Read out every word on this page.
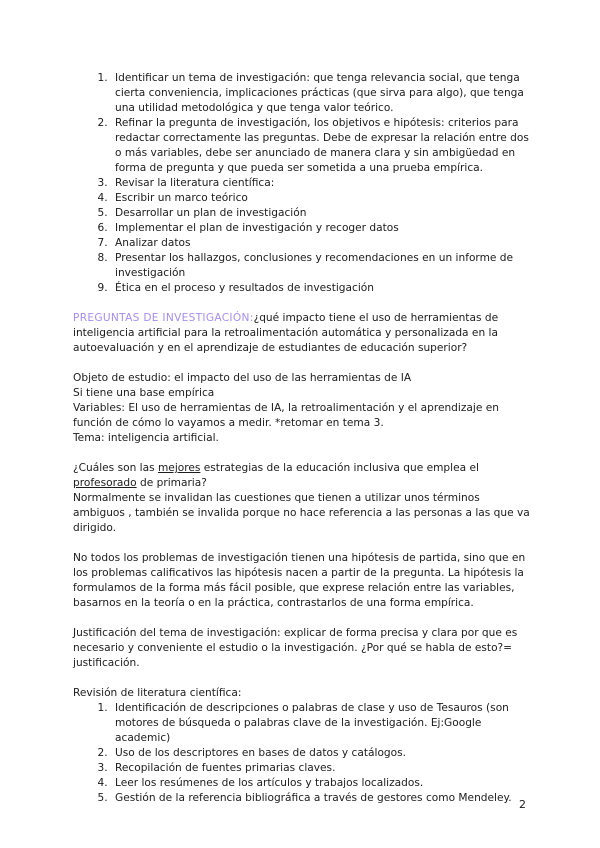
1. Identificar un tema de investigación: que tenga relevancia social, que tenga cierta conveniencia, implicaciones prácticas (que sirva para algo), que tenga una utilidad metodológica y que tenga valor teórico.
2. Refinar la pregunta de investigación, los objetivos e hipótesis: criterios para redactar correctamente las preguntas. Debe de expresar la relación entre dos o más variables, debe ser anunciado de manera clara y sin ambigüedad en forma de pregunta y que pueda ser sometida a una prueba empírica.
3. Revisar la literatura científica:
4. Escribir un marco teórico
5. Desarrollar un plan de investigación
6. Implementar el plan de investigación y recoger datos
7. Analizar datos
8. Presentar los hallazgos, conclusiones y recomendaciones en un informe de investigación
9. Ética en el proceso y resultados de investigación

PREGUNTAS DE INVESTIGACIÓN:¿qué impacto tiene el uso de herramientas de inteligencia artificial para la retroalimentación automática y personalizada en la autoevaluación y en el aprendizaje de estudiantes de educación superior?

Objeto de estudio: el impacto del uso de las herramientas de IA

Si tiene una base empírica

Variables: El uso de herramientas de IA, la retroalimentación y el aprendizaje en función de cómo lo vayamos a medir. *retomar en tema 3.

Tema: inteligencia artificial.

¿Cuáles son las mejores estrategias de la educación inclusiva que emplea el profesorado de primaria?

Normalmente se invalidan las cuestiones que tienen a utilizar unos términos ambiguos , también se invalida porque no hace referencia a las personas a las que va dirigido.

No todos los problemas de investigación tienen una hipótesis de partida, sino que en los problemas calificativos las hipótesis nacen a partir de la pregunta. La hipótesis la formulamos de la forma más fácil posible, que exprese relación entre las variables, basarnos en la teoría o en la práctica, contrastarlos de una forma empírica.

Justificación del tema de investigación: explicar de forma precisa y clara por que es necesario y conveniente el estudio o la investigación. ¿Por qué se habla de esto?= justificación.

Revisión de literatura científica:

1. Identificación de descripciones o palabras de clase y uso de Tesauros (son motores de búsqueda o palabras clave de la investigación. Ej:Google academic)
2. Uso de los descriptores en bases de datos y catálogos.
3. Recopilación de fuentes primarias claves.
4. Leer los resúmenes de los artículos y trabajos localizados.
5. Gestión de la referencia bibliográfica a través de gestores como Mendeley. 2
